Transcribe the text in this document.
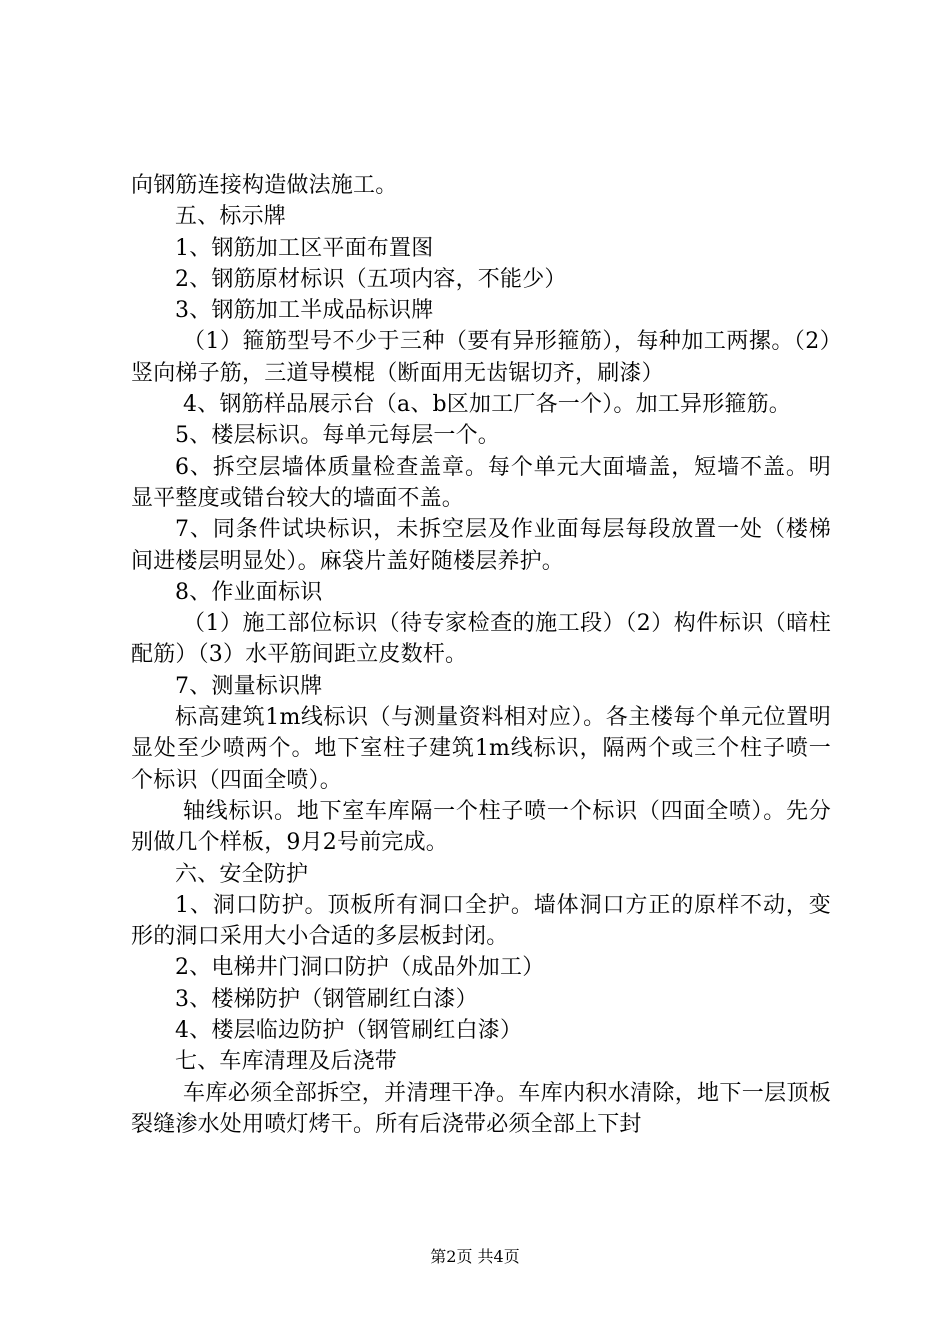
向钢筋连接构造做法施工。

五、标示牌

1、钢筋加工区平面布置图

2、钢筋原材标识（五项内容，不能少）

3、钢筋加工半成品标识牌

（1）箍筋型号不少于三种（要有异形箍筋），每种加工两摞。（2）竖向梯子筋，三道导模棍（断面用无齿锯切齐，刷漆）

4、钢筋样品展示台（a、b区加工厂各一个）。加工异形箍筋。

5、楼层标识。每单元每层一个。

6、拆空层墙体质量检查盖章。每个单元大面墙盖，短墙不盖。明显平整度或错台较大的墙面不盖。

7、同条件试块标识，未拆空层及作业面每层每段放置一处（楼梯间进楼层明显处）。麻袋片盖好随楼层养护。

8、作业面标识

（1）施工部位标识（待专家检查的施工段）（2）构件标识（暗柱配筋）（3）水平筋间距立皮数杆。

7、测量标识牌

标高建筑1m线标识（与测量资料相对应）。各主楼每个单元位置明显处至少喷两个。地下室柱子建筑1m线标识，隔两个或三个柱子喷一个标识（四面全喷）。

轴线标识。地下室车库隔一个柱子喷一个标识（四面全喷）。先分别做几个样板，9月2号前完成。

六、安全防护

1、洞口防护。顶板所有洞口全护。墙体洞口方正的原样不动，变形的洞口采用大小合适的多层板封闭。

2、电梯井门洞口防护（成品外加工）

3、楼梯防护（钢管刷红白漆）

4、楼层临边防护（钢管刷红白漆）

七、车库清理及后浇带

车库必须全部拆空，并清理干净。车库内积水清除，地下一层顶板裂缝渗水处用喷灯烤干。所有后浇带必须全部上下封

第2页 共4页
